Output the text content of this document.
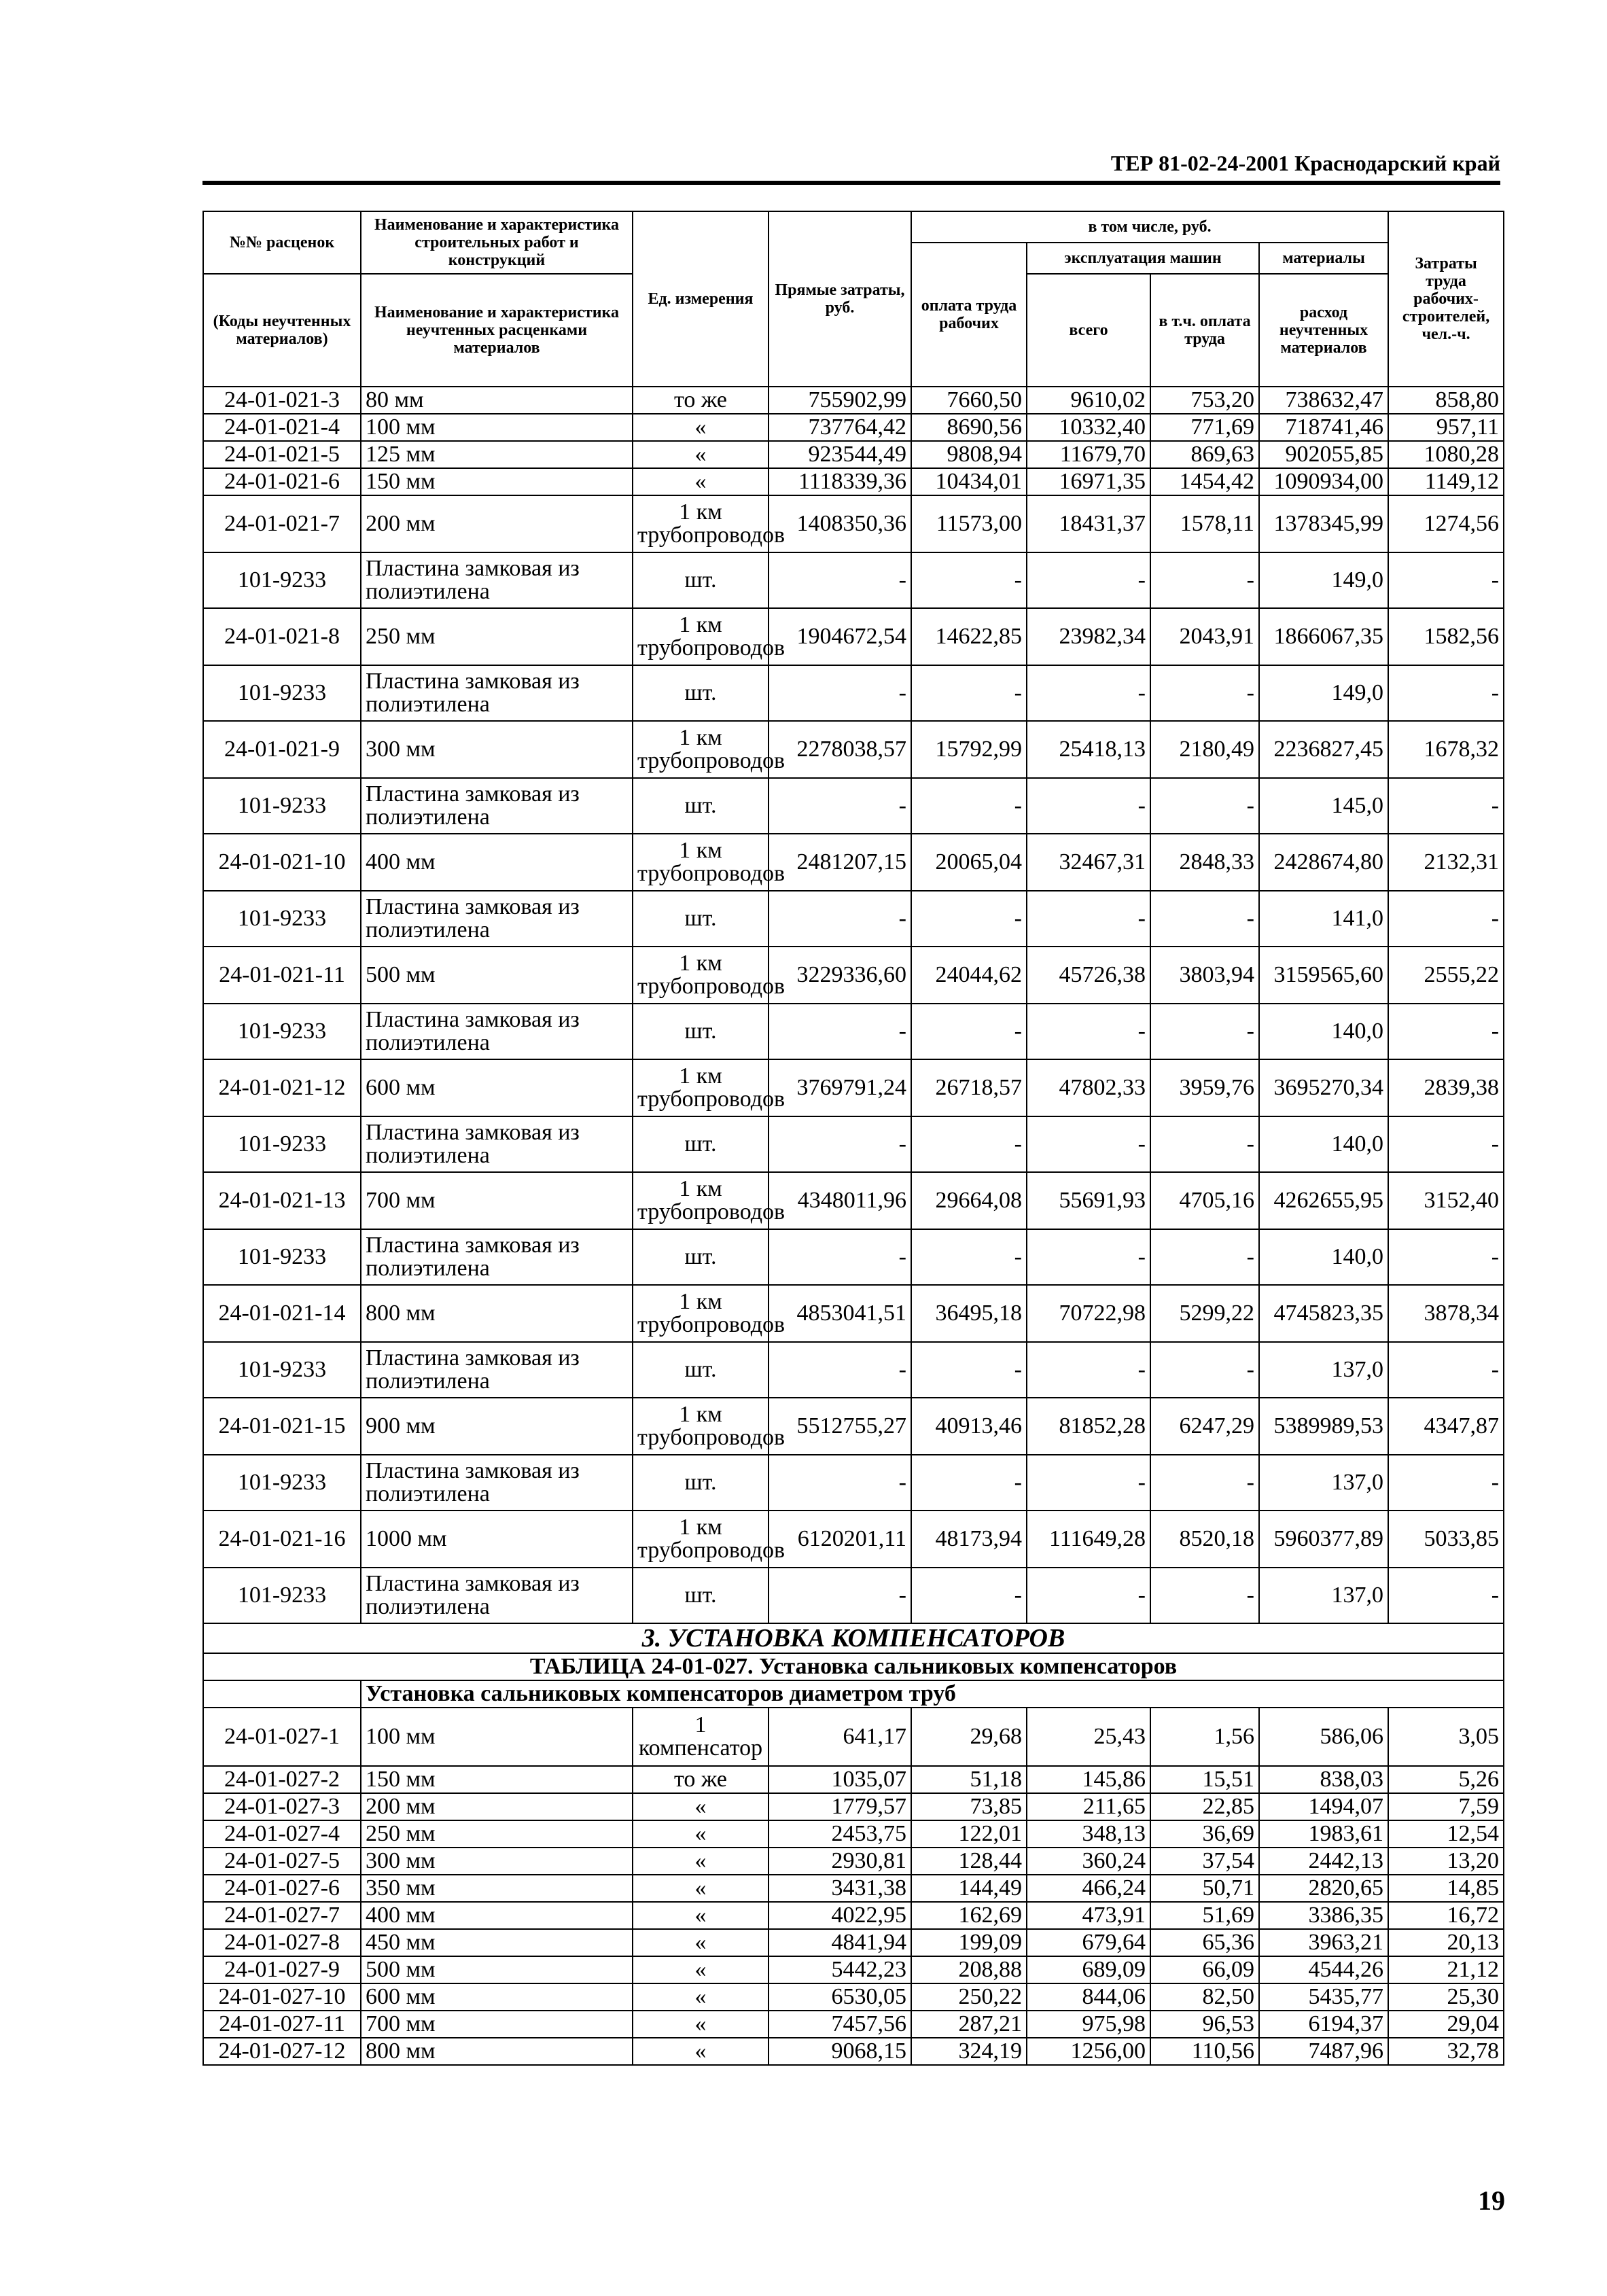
ТЕР 81-02-24-2001 Краснодарский край
№№ расценок	Наименование и характеристика строительных работ и конструкций	Ед. измерения	Прямые затраты, руб.	в том числе, руб.				Затраты труда рабочих-строителей, чел.-ч.
				оплата труда рабочих	эксплуатация машин		материалы	
(Коды неучтенных материалов)	Наименование и характеристика неучтенных расценками материалов				всего	в т.ч. оплата труда	расход неучтенных материалов	

24-01-021-3	80 мм	то же	755902,99	7660,50	9610,02	753,20	738632,47	858,80
24-01-021-4	100 мм	«	737764,42	8690,56	10332,40	771,69	718741,46	957,11
24-01-021-5	125 мм	«	923544,49	9808,94	11679,70	869,63	902055,85	1080,28
24-01-021-6	150 мм	«	1118339,36	10434,01	16971,35	1454,42	1090934,00	1149,12
24-01-021-7	200 мм	1 км трубопроводов	1408350,36	11573,00	18431,37	1578,11	1378345,99	1274,56
101-9233	Пластина замковая из полиэтилена	шт.	-	-	-	-	149,0	-
24-01-021-8	250 мм	1 км трубопроводов	1904672,54	14622,85	23982,34	2043,91	1866067,35	1582,56
101-9233	Пластина замковая из полиэтилена	шт.	-	-	-	-	149,0	-
24-01-021-9	300 мм	1 км трубопроводов	2278038,57	15792,99	25418,13	2180,49	2236827,45	1678,32
101-9233	Пластина замковая из полиэтилена	шт.	-	-	-	-	145,0	-
24-01-021-10	400 мм	1 км трубопроводов	2481207,15	20065,04	32467,31	2848,33	2428674,80	2132,31
101-9233	Пластина замковая из полиэтилена	шт.	-	-	-	-	141,0	-
24-01-021-11	500 мм	1 км трубопроводов	3229336,60	24044,62	45726,38	3803,94	3159565,60	2555,22
101-9233	Пластина замковая из полиэтилена	шт.	-	-	-	-	140,0	-
24-01-021-12	600 мм	1 км трубопроводов	3769791,24	26718,57	47802,33	3959,76	3695270,34	2839,38
101-9233	Пластина замковая из полиэтилена	шт.	-	-	-	-	140,0	-
24-01-021-13	700 мм	1 км трубопроводов	4348011,96	29664,08	55691,93	4705,16	4262655,95	3152,40
101-9233	Пластина замковая из полиэтилена	шт.	-	-	-	-	140,0	-
24-01-021-14	800 мм	1 км трубопроводов	4853041,51	36495,18	70722,98	5299,22	4745823,35	3878,34
101-9233	Пластина замковая из полиэтилена	шт.	-	-	-	-	137,0	-
24-01-021-15	900 мм	1 км трубопроводов	5512755,27	40913,46	81852,28	6247,29	5389989,53	4347,87
101-9233	Пластина замковая из полиэтилена	шт.	-	-	-	-	137,0	-
24-01-021-16	1000 мм	1 км трубопроводов	6120201,11	48173,94	111649,28	8520,18	5960377,89	5033,85
101-9233	Пластина замковая из полиэтилена	шт.	-	-	-	-	137,0	-
3. УСТАНОВКА КОМПЕНСАТОРОВ								
ТАБЛИЦА 24-01-027. Установка сальниковых компенсаторов								
	Установка сальниковых компенсаторов диаметром труб							
24-01-027-1	100 мм	1 компенсатор	641,17	29,68	25,43	1,56	586,06	3,05
24-01-027-2	150 мм	то же	1035,07	51,18	145,86	15,51	838,03	5,26
24-01-027-3	200 мм	«	1779,57	73,85	211,65	22,85	1494,07	7,59
24-01-027-4	250 мм	«	2453,75	122,01	348,13	36,69	1983,61	12,54
24-01-027-5	300 мм	«	2930,81	128,44	360,24	37,54	2442,13	13,20
24-01-027-6	350 мм	«	3431,38	144,49	466,24	50,71	2820,65	14,85
24-01-027-7	400 мм	«	4022,95	162,69	473,91	51,69	3386,35	16,72
24-01-027-8	450 мм	«	4841,94	199,09	679,64	65,36	3963,21	20,13
24-01-027-9	500 мм	«	5442,23	208,88	689,09	66,09	4544,26	21,12
24-01-027-10	600 мм	«	6530,05	250,22	844,06	82,50	5435,77	25,30
24-01-027-11	700 мм	«	7457,56	287,21	975,98	96,53	6194,37	29,04
24-01-027-12	800 мм	«	9068,15	324,19	1256,00	110,56	7487,96	32,78
19
